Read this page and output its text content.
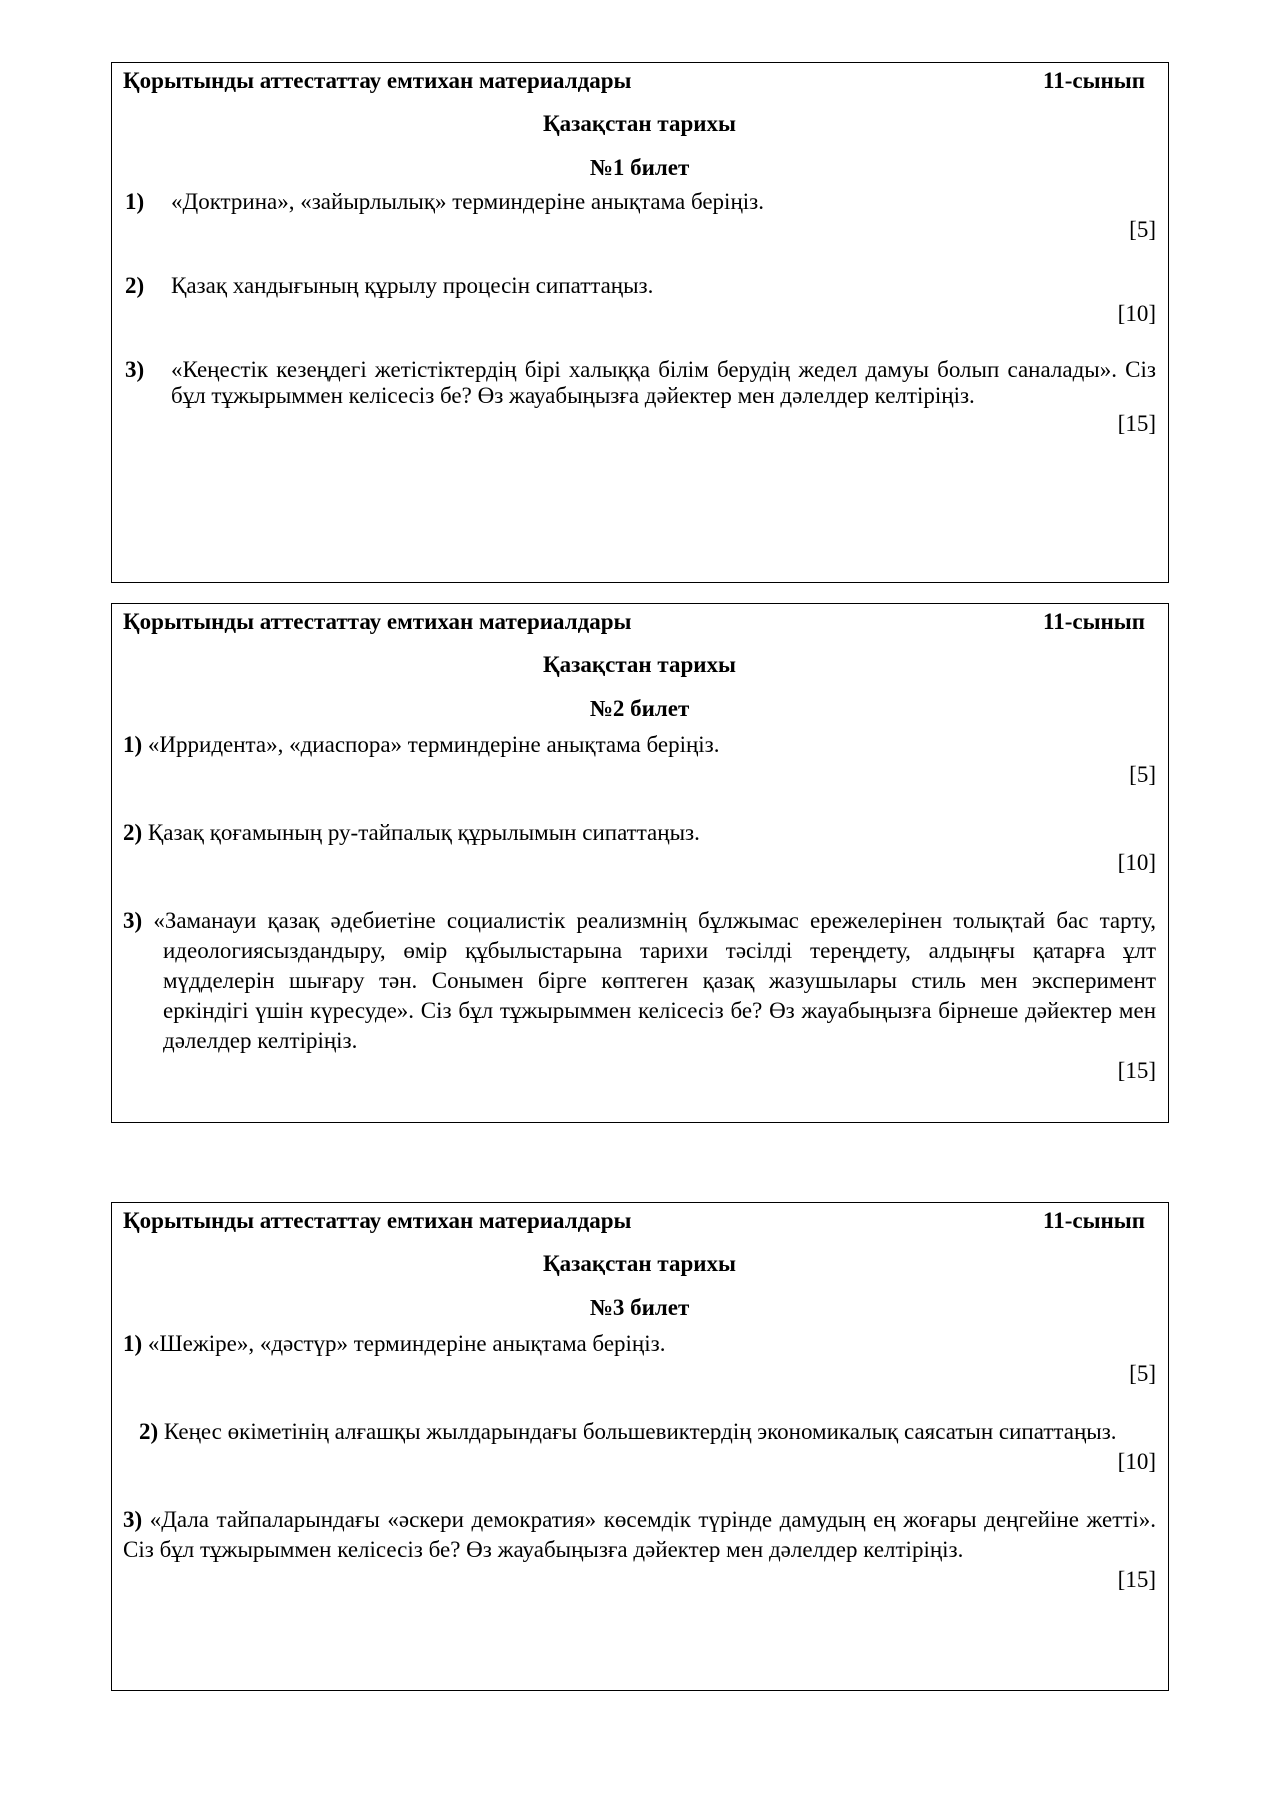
Қорытынды аттестаттау емтихан материалдары	11-сынып
Қазақстан тарихы
№1 билет
1)	«Доктрина», «зайырлылық» терминдеріне анықтама беріңіз.
[5]
2)	Қазақ хандығының құрылу процесін сипаттаңыз.
[10]
3)	«Кеңестік кезеңдегі жетістіктердің бірі халыққа білім берудің жедел дамуы болып саналады». Сіз бұл тұжырыммен келісесіз бе? Өз жауабыңызға дәйектер мен дәлелдер келтіріңіз.
[15]
Қорытынды аттестаттау емтихан материалдары	11-сынып
Қазақстан тарихы
№2 билет
1) «Ирридента», «диаспора» терминдеріне анықтама беріңіз.
[5]
2) Қазақ қоғамының ру-тайпалық құрылымын сипаттаңыз.
[10]
3) «Заманауи қазақ әдебиетіне социалистік реализмнің бұлжымас ережелерінен толықтай бас тарту, идеологиясыздандыру, өмір құбылыстарына тарихи тәсілді тереңдету, алдыңғы қатарға ұлт мүдделерін шығару тән. Сонымен бірге көптеген қазақ жазушылары стиль мен эксперимент еркіндігі үшін күресуде». Сіз бұл тұжырыммен келісесіз бе? Өз жауабыңызға бірнеше дәйектер мен дәлелдер келтіріңіз.
[15]
Қорытынды аттестаттау емтихан материалдары	11-сынып
Қазақстан тарихы
№3 билет
1) «Шежіре», «дәстүр» терминдеріне анықтама беріңіз.
[5]
2) Кеңес өкіметінің алғашқы жылдарындағы большевиктердің экономикалық саясатын сипаттаңыз.
[10]
3) «Дала тайпаларындағы «әскери демократия» көсемдік түрінде дамудың ең жоғары деңгейіне жетті». Сіз бұл тұжырыммен келісесіз бе? Өз жауабыңызға дәйектер мен дәлелдер келтіріңіз.
[15]
